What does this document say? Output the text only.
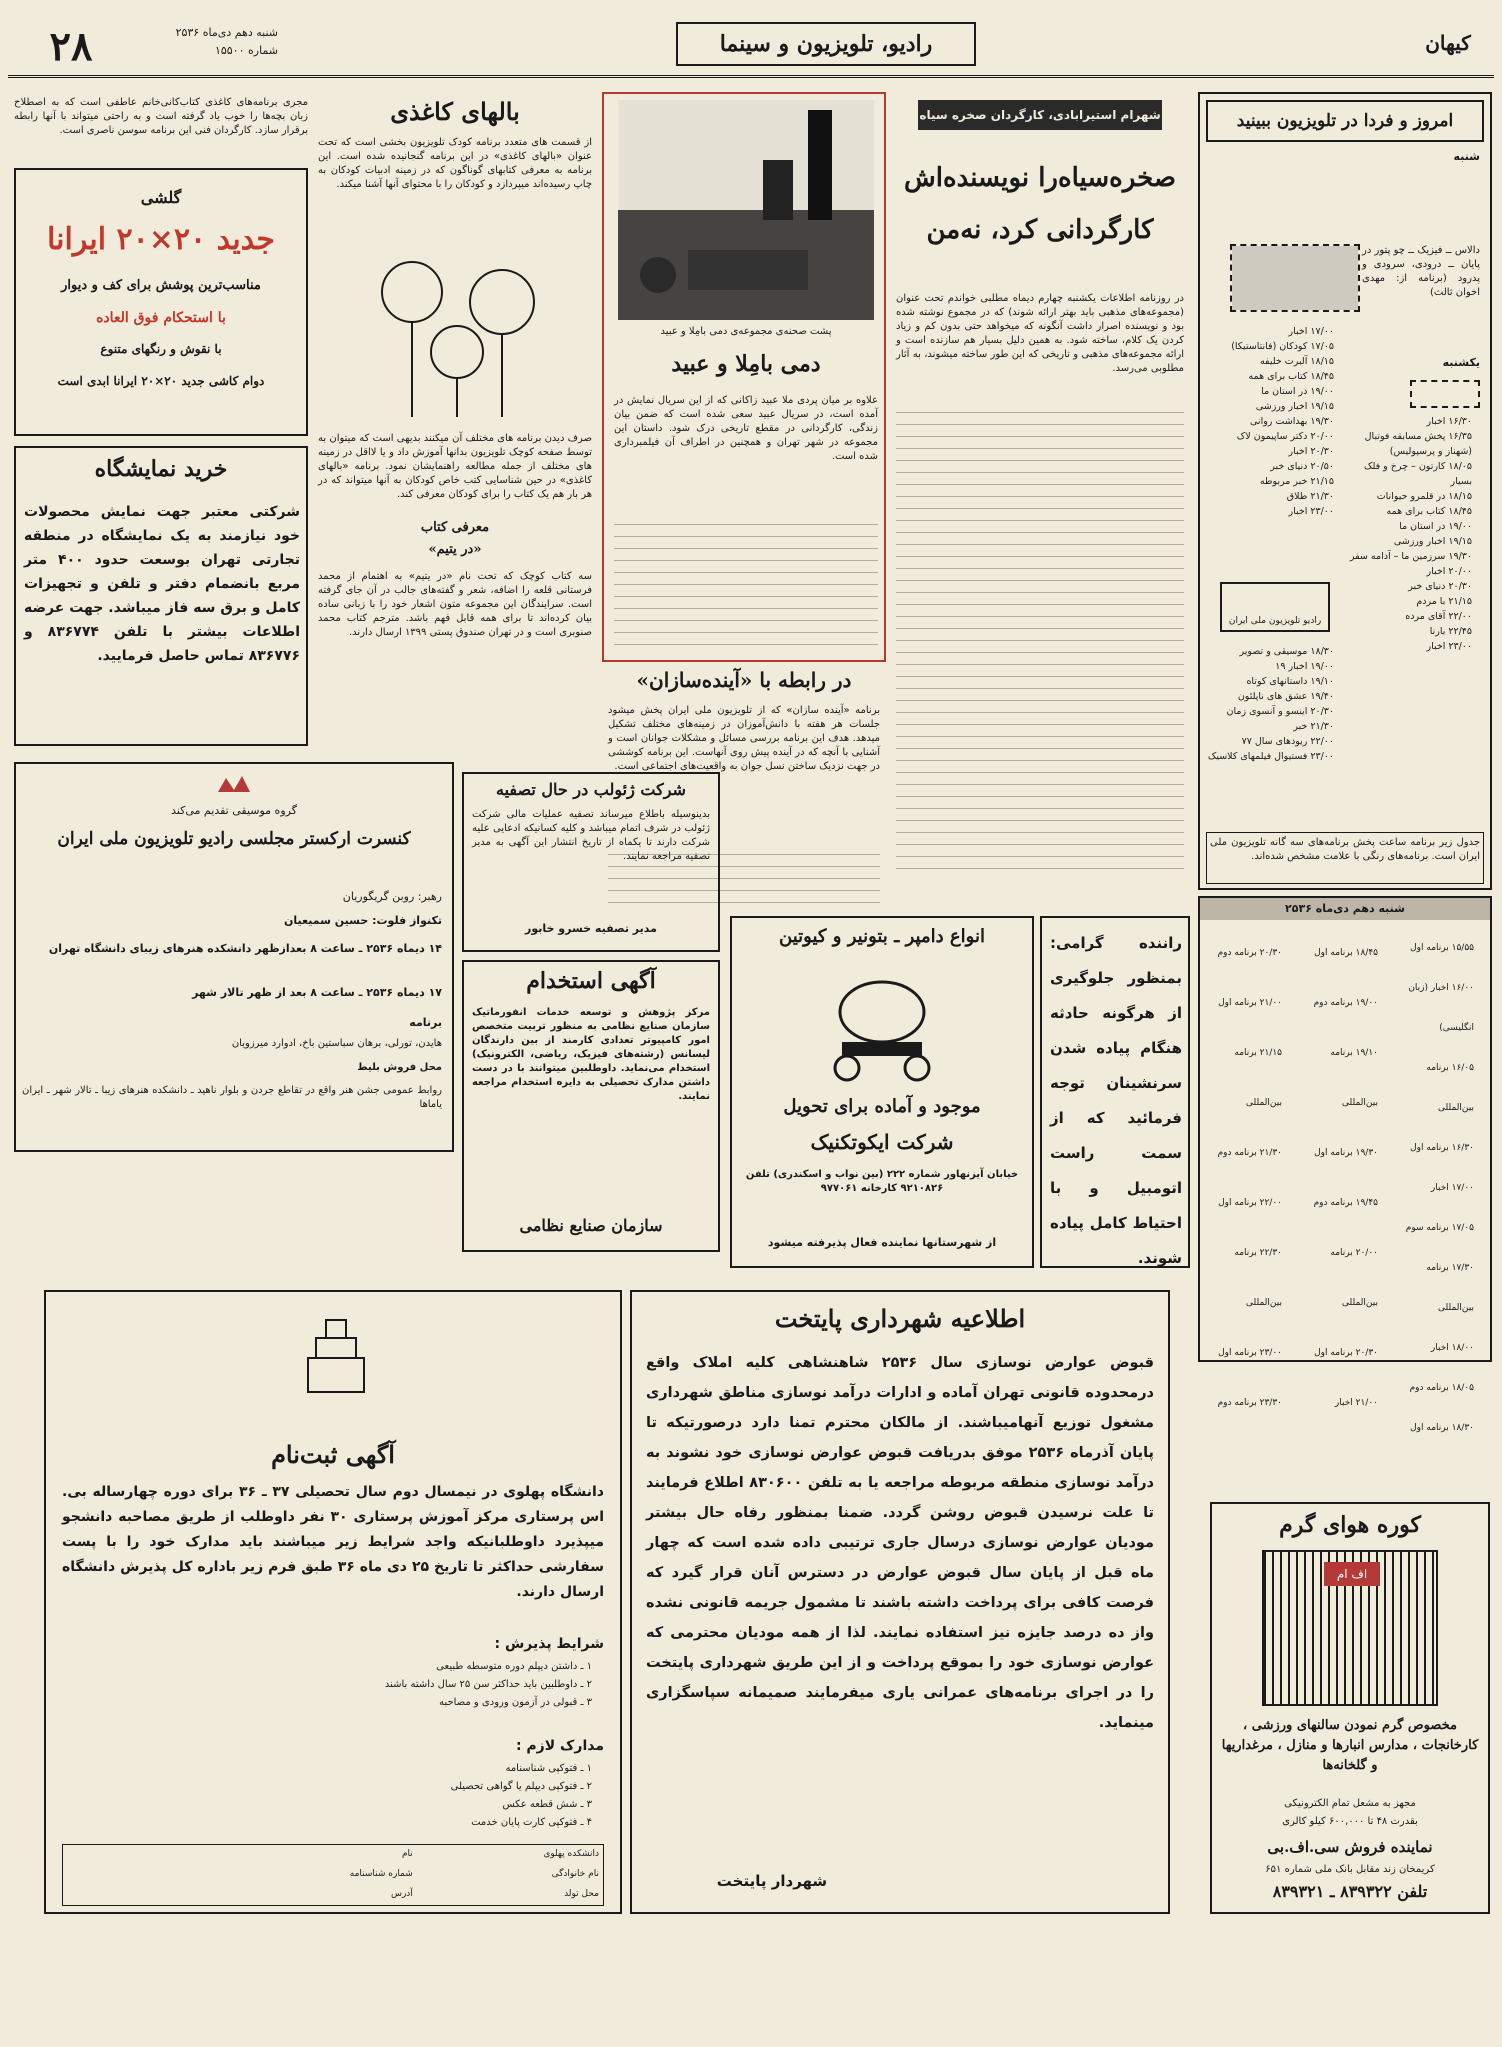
۲۸	شنبه دهم دی‌ماه ۲۵۳۶
شماره ۱۵۵۰۰	رادیو، تلویزیون و سینما	کیهان
امروز و فردا در تلویزیون ببینید
شنبه
دالاس ــ فیزیک ــ چو پتور در پایان ــ درودی، سرودی و پدرود (برنامه از: مهدی اخوان ثالث)
یکشنبه
۱۶/۳۰ اخبار
۱۶/۳۵ پخش مسابقه فوتبال (شهناز و پرسپولیس)
۱۸/۰۵ کارتون – چرخ و فلک بسیار
۱۸/۱۵ در قلمرو حیوانات
۱۸/۴۵ کتاب برای همه
۱۹/۰۰ در استان ما
۱۹/۱۵ اخبار ورزشی
۱۹/۳۰ سرزمین ما – آدامه سفر
۲۰/۰۰ اخبار
۲۰/۳۰ دنیای خبر
۲۱/۱۵ با مردم
۲۲/۰۰ آقای مرده
۲۲/۴۵ بارنا
۲۳/۰۰ اخبار
۱۷/۰۰ اخبار
۱۷/۰۵ کودکان (فانتاستیکا)
۱۸/۱۵ آلبرت خلیفه
۱۸/۴۵ کتاب برای همه
۱۹/۰۰ در استان ما
۱۹/۱۵ اخبار ورزشی
۱۹/۳۰ بهداشت روانی
۲۰/۰۰ دکتر ساپیمون لاک
۲۰/۳۰ اخبار
۲۰/۵۰ دنیای خبر
۲۱/۱۵ خبر مربوطه
۲۱/۳۰ طلاق
۲۳/۰۰ اخبار
رادیو تلویزیون ملی ایران
۱۸/۳۰ موسیقی و تصویر
۱۹/۰۰ اخبار ۱۹
۱۹/۱۰ داستانهای کوتاه
۱۹/۴۰ عشق های ناپلئون
۲۰/۳۰ اینسو و آنسوی زمان
۲۱/۳۰ خبر
۲۲/۰۰ ریودهای سال ۷۷
۲۳/۰۰ فستیوال فیلمهای کلاسیک
جدول زیر برنامه ساعت پخش برنامه‌های سه گانه تلویزیون ملی ایران است. برنامه‌های رنگی با علامت مشخص شده‌اند.
شنبه دهم دی‌ماه ۲۵۳۶
۱۵/۵۵ برنامه اول
۱۶/۰۰ اخبار (زبان انگلیسی)
۱۶/۰۵ برنامه بین‌المللی
۱۶/۳۰ برنامه اول
۱۷/۰۰ اخبار
۱۷/۰۵ برنامه سوم
۱۷/۳۰ برنامه بین‌المللی
۱۸/۰۰ اخبار
۱۸/۰۵ برنامه دوم
۱۸/۳۰ برنامه اول
۱۸/۴۵ برنامه اول
۱۹/۰۰ برنامه دوم
۱۹/۱۰ برنامه بین‌المللی
۱۹/۳۰ برنامه اول
۱۹/۴۵ برنامه دوم
۲۰/۰۰ برنامه بین‌المللی
۲۰/۳۰ برنامه اول
۲۱/۰۰ اخبار
۲۰/۳۰ برنامه دوم
۲۱/۰۰ برنامه اول
۲۱/۱۵ برنامه بین‌المللی
۲۱/۳۰ برنامه دوم
۲۲/۰۰ برنامه اول
۲۲/۳۰ برنامه بین‌المللی
۲۳/۰۰ برنامه اول
۲۳/۳۰ برنامه دوم
شهرام استیرابادی، کارگردان صخره سیاه
صخره‌سیاه‌را نویسنده‌اش کارگردانی کرد، نه‌من
در روزنامه اطلاعات یکشنبه چهارم دیماه مطلبی خواندم تحت عنوان (مجموعه‌های مذهبی باید بهتر ارائه شوند) که در مجموع نوشته شده بود و نویسنده اصرار داشت آنگونه که میخواهد حتی بدون کم و زیاد کردن یک کلام، ساخته شود. به همین دلیل بسیار هم سازنده است و ارائه مجموعه‌های مذهبی و تاریخی که این طور ساخته میشوند، به آثار مطلوبی می‌رسد.
پشت صحنه‌ی مجموعه‌ی دمی بامِلا و عبید
دمی بامِلا و عبید
علاوه بر میان پردی ملا عبید زاکانی که از این سریال نمایش در آمده است، در سریال عبید سعی شده است که ضمن بیان زندگی، کارگردانی در مقطع تاریخی درک شود. داستان این مجموعه در شهر تهران و همچنین در اطراف آن فیلمبرداری شده است.
بالهای کاغذی
از قسمت های متعدد برنامه کودک تلویزیون بخشی است که تحت عنوان «بالهای کاغذی» در این برنامه گنجانیده شده است. این برنامه به معرفی کتابهای گوناگون که در زمینه ادبیات کودکان به چاپ رسیده‌اند میپردازد و کودکان را با محتوای آنها آشنا میکند.
صرف دیدن برنامه های مختلف آن میکنند بدیهی است که میتوان به توسط صفحه کوچک تلویزیون بدانها آموزش داد و یا لااقل در زمینه های مختلف از جمله مطالعه راهنمایشان نمود. برنامه «بالهای کاغذی» در حین شناسایی کتب خاص کودکان به آنها میتواند که در هر بار هم یک کتاب را برای کودکان معرفی کند.
مجری برنامه‌های کاغذی کتاب‌کانی‌خانم عاطفی است که به اصطلاح زبان بچه‌ها را خوب یاد گرفته است و به راحتی میتواند با آنها رابطه برقرار سازد. کارگردان فنی این برنامه سوسن ناصری است.
گلشی
جدید ۲۰×۲۰ ایرانا
مناسب‌ترین پوشش برای کف و دیوار
با استحکام فوق العاده
با نقوش و رنگهای متنوع
دوام کاشی جدید ۲۰×۲۰ ایرانا ابدی است
خرید نمایشگاه
شرکتی معتبر جهت نمایش محصولات خود نیازمند به یک نمایشگاه در منطقه تجارتی تهران بوسعت حدود ۴۰۰ متر مربع بانضمام دفتر و تلفن و تجهیزات کامل و برق سه فاز میباشد. جهت عرضه اطلاعات بیشتر با تلفن ۸۳۶۷۷۴ و ۸۳۶۷۷۶ تماس حاصل فرمایید.
معرفی کتاب
«در یتیم»
سه کتاب کوچک که تحت نام «در یتیم» به اهتمام از محمد فرستانی قلعه را اضافه، شعر و گفته‌های جالب در آن جای گرفته است. سرایندگان این مجموعه متون اشعار خود را با زبانی ساده بیان کرده‌اند تا برای همه قابل فهم باشد. مترجم کتاب محمد صنوبری است و در تهران صندوق پستی ۱۳۹۹ ارسال دارند.
در رابطه با «آینده‌سازان»
برنامه «آینده سازان» که از تلویزیون ملی ایران پخش میشود جلسات هر هفته با دانش‌آموزان در زمینه‌های مختلف تشکیل میدهد. هدف این برنامه بررسی مسائل و مشکلات جوانان است و آشنایی با آنچه که در آینده پیش روی آنهاست. این برنامه کوششی در جهت نزدیک ساختن نسل جوان به واقعیت‌های اجتماعی است.
گروه موسیقی تقدیم می‌کند
کنسرت ارکستر مجلسی رادیو تلویزیون ملی ایران
رهبر: روبن گریگوریان
تکنواز فلوت: حسین سمیعیان
۱۴ دیماه ۲۵۳۶ ـ ساعت ۸ بعدازظهر دانشکده هنرهای زیبای دانشگاه تهران
۱۷ دیماه ۲۵۳۶ ـ ساعت ۸ بعد از ظهر تالار شهر
برنامه
هایدن، تورلی، برهان سباستین باخ، ادوارد میرزویان
محل فروش بلیط
روابط عمومی جشن هنر واقع در تقاطع جردن و بلوار ناهید ـ دانشکده هنرهای زیبا ـ تالار شهر ـ ایران یاماها
شرکت ژئولب در حال تصفیه
بدینوسیله باطلاع میرساند تصفیه عملیات مالی شرکت ژئولب در شرف اتمام میباشد و کلیه کسانیکه ادعایی علیه شرکت دارند تا یکماه از تاریخ انتشار این آگهی به مدیر تصفیه مراجعه نمایند.
مدیر تصفیه خسرو خابور
آگهی استخدام
مرکز پژوهش و توسعه خدمات انفورماتیک سازمان صنایع نظامی به منظور تربیت متخصص امور کامپیوتر تعدادی کارمند از بین دارندگان لیسانس (رشته‌های فیزیک، ریاضی، الکترونیک) استخدام می‌نماید. داوطلبین میتوانند با در دست داشتن مدارک تحصیلی به دایره استخدام مراجعه نمایند.
سازمان صنایع نظامی
انواع دامپر ـ بتونیر و کیوتین
موجود و آماده برای تحویل
شرکت ایکوتکنیک
خیابان آیزنهاور شماره ۲۲۲ (بین نواب و اسکندری) تلفن ۹۲۱۰۸۲۶ کارخانه ۹۷۷۰۶۱
از شهرستانها نماینده فعال پذیرفته میشود
راننده گرامی: بمنظور جلوگیری از هرگونه حادثه هنگام پیاده شدن سرنشینان توجه فرمائید که از سمت راست اتومبیل و با احتیاط کامل پیاده شوند.
آگهی ثبت‌نام
دانشگاه پهلوی در نیمسال دوم سال تحصیلی ۳۷ ـ ۳۶ برای دوره چهارساله بی. اس پرستاری مرکز آموزش پرستاری ۳۰ نفر داوطلب از طریق مصاحبه دانشجو میپذیرد داوطلبانیکه واجد شرایط زیر میباشند باید مدارک خود را با پست سفارشی حداکثر تا تاریخ ۲۵ دی ماه ۳۶ طبق فرم زیر باداره کل پذیرش دانشگاه ارسال دارند.
شرایط پذیرش :
۱ ـ داشتن دیپلم دوره متوسطه طبیعی
۲ ـ داوطلبین باید حداکثر سن ۲۵ سال داشته باشند
۳ ـ قبولی در آزمون ورودی و مصاحبه
مدارک لازم :
۱ ـ فتوکپی شناسنامه
۲ ـ فتوکپی دیپلم یا گواهی تحصیلی
۳ ـ شش قطعه عکس
۴ ـ فتوکپی کارت پایان خدمت
دانشکده پهلوی
نام
نام خانوادگی
شماره شناسنامه
محل تولد
آدرس
اطلاعیه شهرداری پایتخت
قبوض عوارض نوسازی سال ۲۵۳۶ شاهنشاهی کلیه املاک واقع درمحدوده قانونی تهران آماده و ادارات درآمد نوسازی مناطق شهرداری مشغول توزیع آنهامیباشند. از مالکان محترم تمنا دارد درصورتیکه تا پایان آذرماه ۲۵۳۶ موفق بدریافت قبوض عوارض نوسازی خود نشوند به درآمد نوسازی منطقه مربوطه مراجعه یا به تلفن ۸۳۰۶۰۰ اطلاع فرمایند تا علت نرسیدن قبوض روشن گردد. ضمنا بمنظور رفاه حال بیشتر مودیان عوارض نوسازی درسال جاری ترتیبی داده شده است که چهار ماه قبل از پایان سال قبوض عوارض در دسترس آنان قرار گیرد که فرصت کافی برای پرداخت داشته باشند تا مشمول جریمه قانونی نشده واز ده درصد جایزه نیز استفاده نمایند. لذا از همه مودیان محترمی که عوارض نوسازی خود را بموقع پرداخت و از این طریق شهرداری پایتخت را در اجرای برنامه‌های عمرانی یاری میفرمایند صمیمانه سپاسگزاری مینماید.
شهردار پایتخت
کوره هوای گرم
اف ام
مخصوص گرم نمودن سالنهای ورزشی ، کارخانجات ، مدارس انبارها و منازل ، مرغداریها و گلخانه‌ها
مجهز به مشعل تمام الکترونیکی
بقدرت ۴۸ تا ۶۰۰,۰۰۰ کیلو کالری
نماینده فروش سی.اف.بی
کریمخان زند مقابل بانک ملی شماره ۶۵۱
تلفن ۸۳۹۳۲۲ ـ ۸۳۹۳۲۱
